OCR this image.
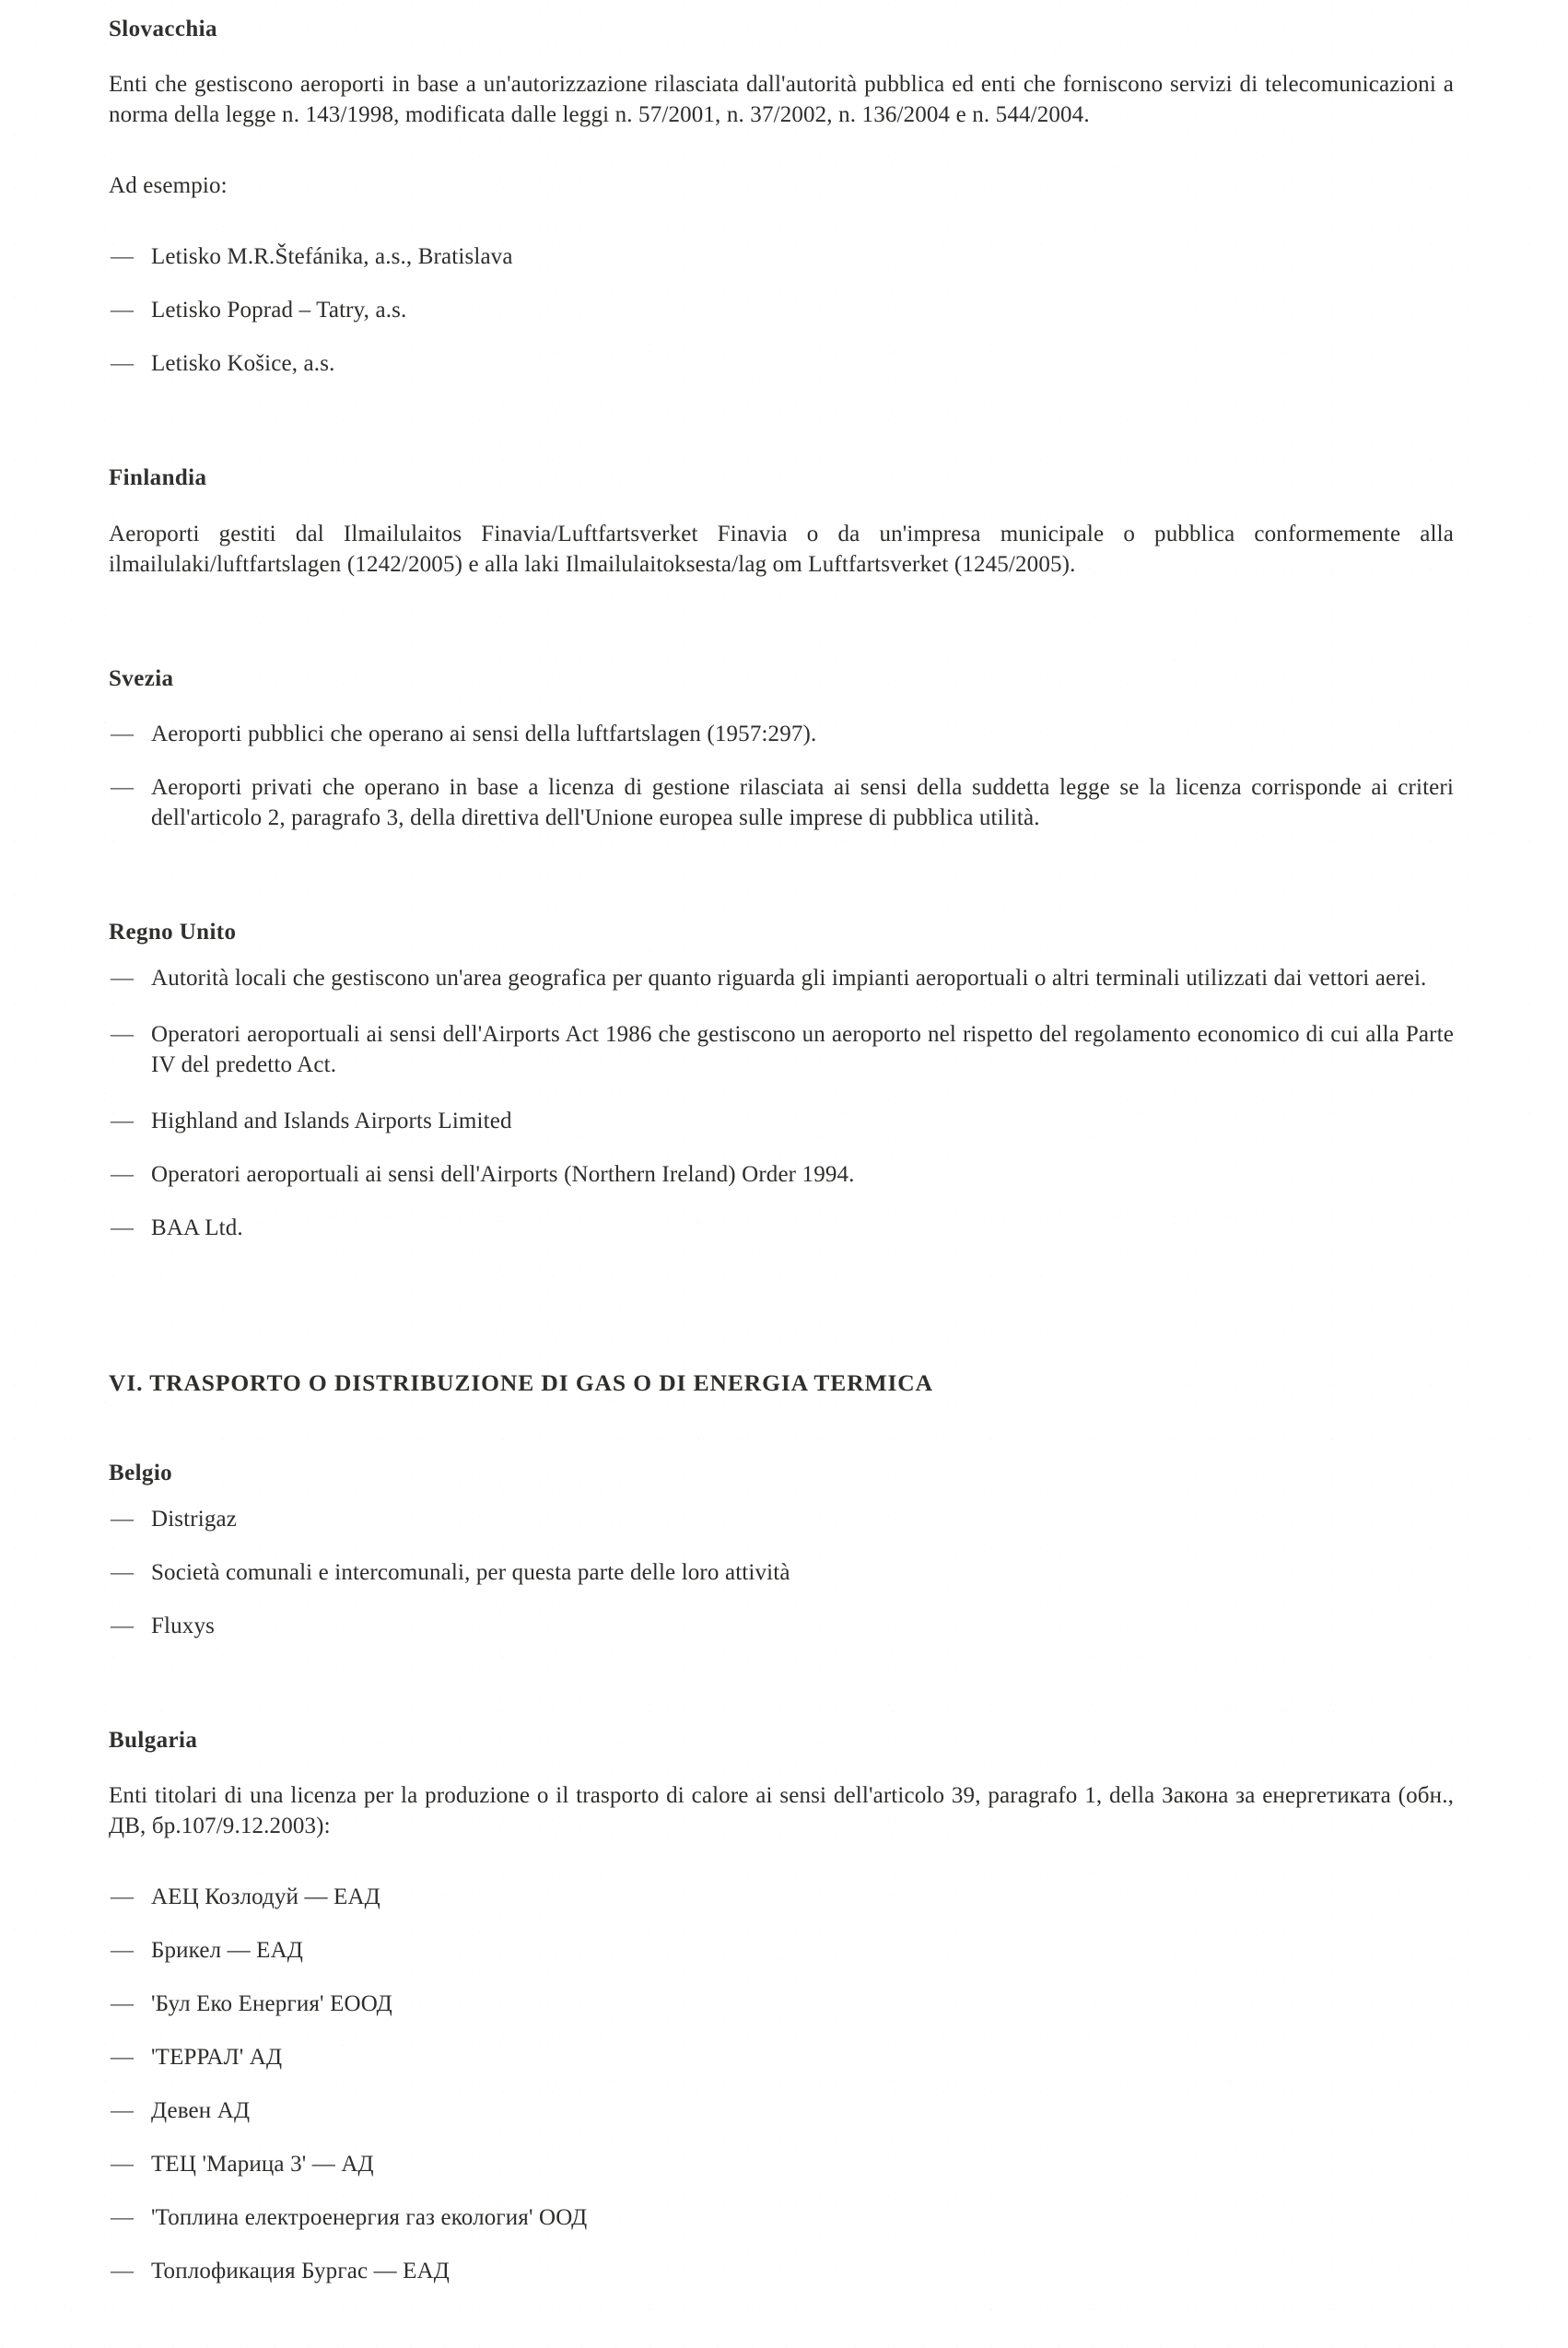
Slovacchia

Enti che gestiscono aeroporti in base a un'autorizzazione rilasciata dall'autorità pubblica ed enti che forniscono servizi di telecomunicazioni a norma della legge n. 143/1998, modificata dalle leggi n. 57/2001, n. 37/2002, n. 136/2004 e n. 544/2004.

Ad esempio:

— Letisko M.R.Štefánika, a.s., Bratislava
— Letisko Poprad – Tatry, a.s.
— Letisko Košice, a.s.
Finlandia

Aeroporti gestiti dal Ilmailulaitos Finavia/Luftfartsverket Finavia o da un'impresa municipale o pubblica conformemente alla ilmailulaki/luftfartslagen (1242/2005) e alla laki Ilmailulaitoksesta/lag om Luftfartsverket (1245/2005).

Svezia
— Aeroporti pubblici che operano ai sensi della luftfartslagen (1957:297).
— Aeroporti privati che operano in base a licenza di gestione rilasciata ai sensi della suddetta legge se la licenza corrisponde ai criteri dell'articolo 2, paragrafo 3, della direttiva dell'Unione europea sulle imprese di pubblica utilità.
Regno Unito
— Autorità locali che gestiscono un'area geografica per quanto riguarda gli impianti aeroportuali o altri terminali utilizzati dai vettori aerei.
— Operatori aeroportuali ai sensi dell'Airports Act 1986 che gestiscono un aeroporto nel rispetto del regolamento economico di cui alla Parte IV del predetto Act.
— Highland and Islands Airports Limited
— Operatori aeroportuali ai sensi dell'Airports (Northern Ireland) Order 1994.
— BAA Ltd.
VI. TRASPORTO O DISTRIBUZIONE DI GAS O DI ENERGIA TERMICA
Belgio
— Distrigaz
— Società comunali e intercomunali, per questa parte delle loro attività
— Fluxys
Bulgaria

Enti titolari di una licenza per la produzione o il trasporto di calore ai sensi dell'articolo 39, paragrafo 1, della Закона за енергетиката (обн., ДВ, бр.107/9.12.2003):

— АЕЦ Козлодуй — ЕАД
— Брикел — ЕАД
— 'Бул Еко Енергия' ЕООД
— 'ТЕРРАЛ' АД
— Девен АД
— ТЕЦ 'Марица 3' — АД
— 'Топлина електроенергия газ екология' ООД
— Топлофикация Бургас — ЕАД
